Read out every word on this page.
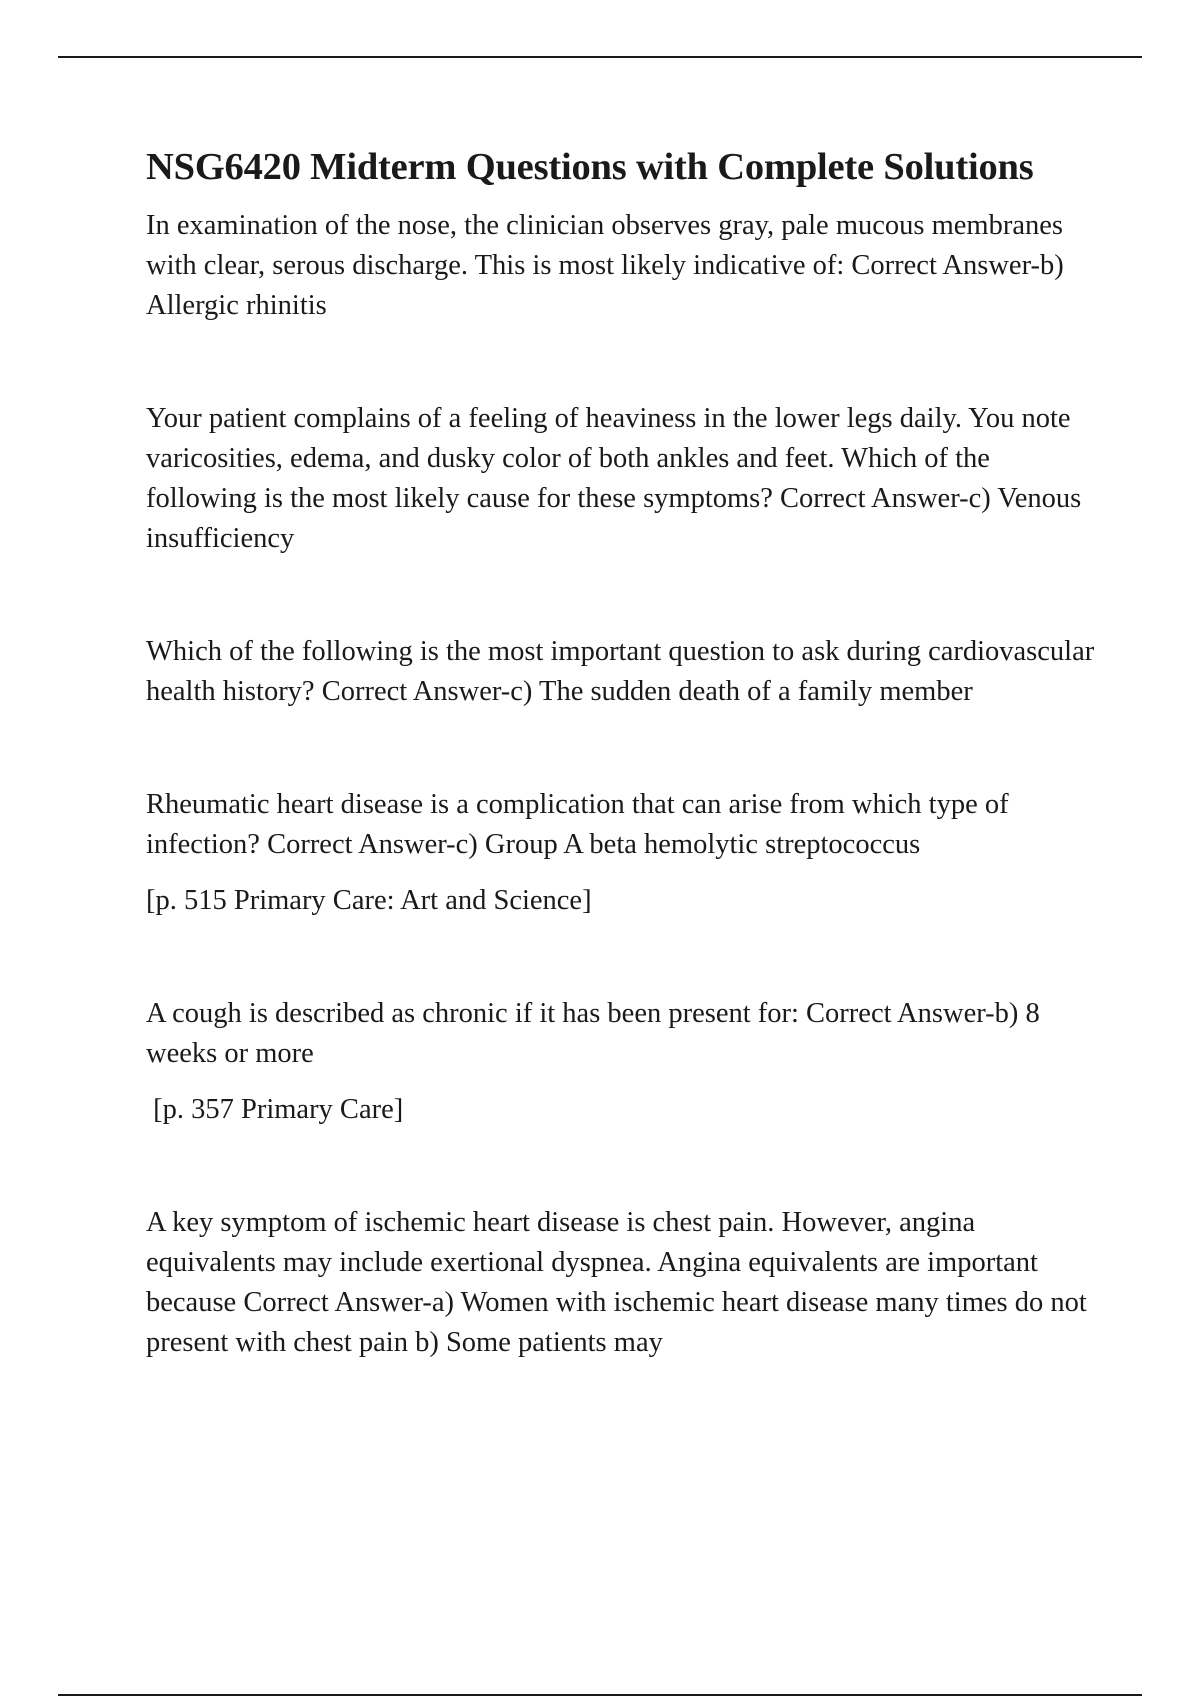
NSG6420 Midterm Questions with Complete Solutions

In examination of the nose, the clinician observes gray, pale mucous membranes with clear, serous discharge. This is most likely indicative of: Correct Answer-b) Allergic rhinitis

Your patient complains of a feeling of heaviness in the lower legs daily. You note varicosities, edema, and dusky color of both ankles and feet. Which of the following is the most likely cause for these symptoms? Correct Answer-c) Venous insufficiency

Which of the following is the most important question to ask during cardiovascular health history? Correct Answer-c) The sudden death of a family member

Rheumatic heart disease is a complication that can arise from which type of infection? Correct Answer-c) Group A beta hemolytic streptococcus

[p. 515 Primary Care: Art and Science]

A cough is described as chronic if it has been present for: Correct Answer-b) 8 weeks or more

[p. 357 Primary Care]

A key symptom of ischemic heart disease is chest pain. However, angina equivalents may include exertional dyspnea. Angina equivalents are important because Correct Answer-a) Women with ischemic heart disease many times do not present with chest pain b) Some patients may
